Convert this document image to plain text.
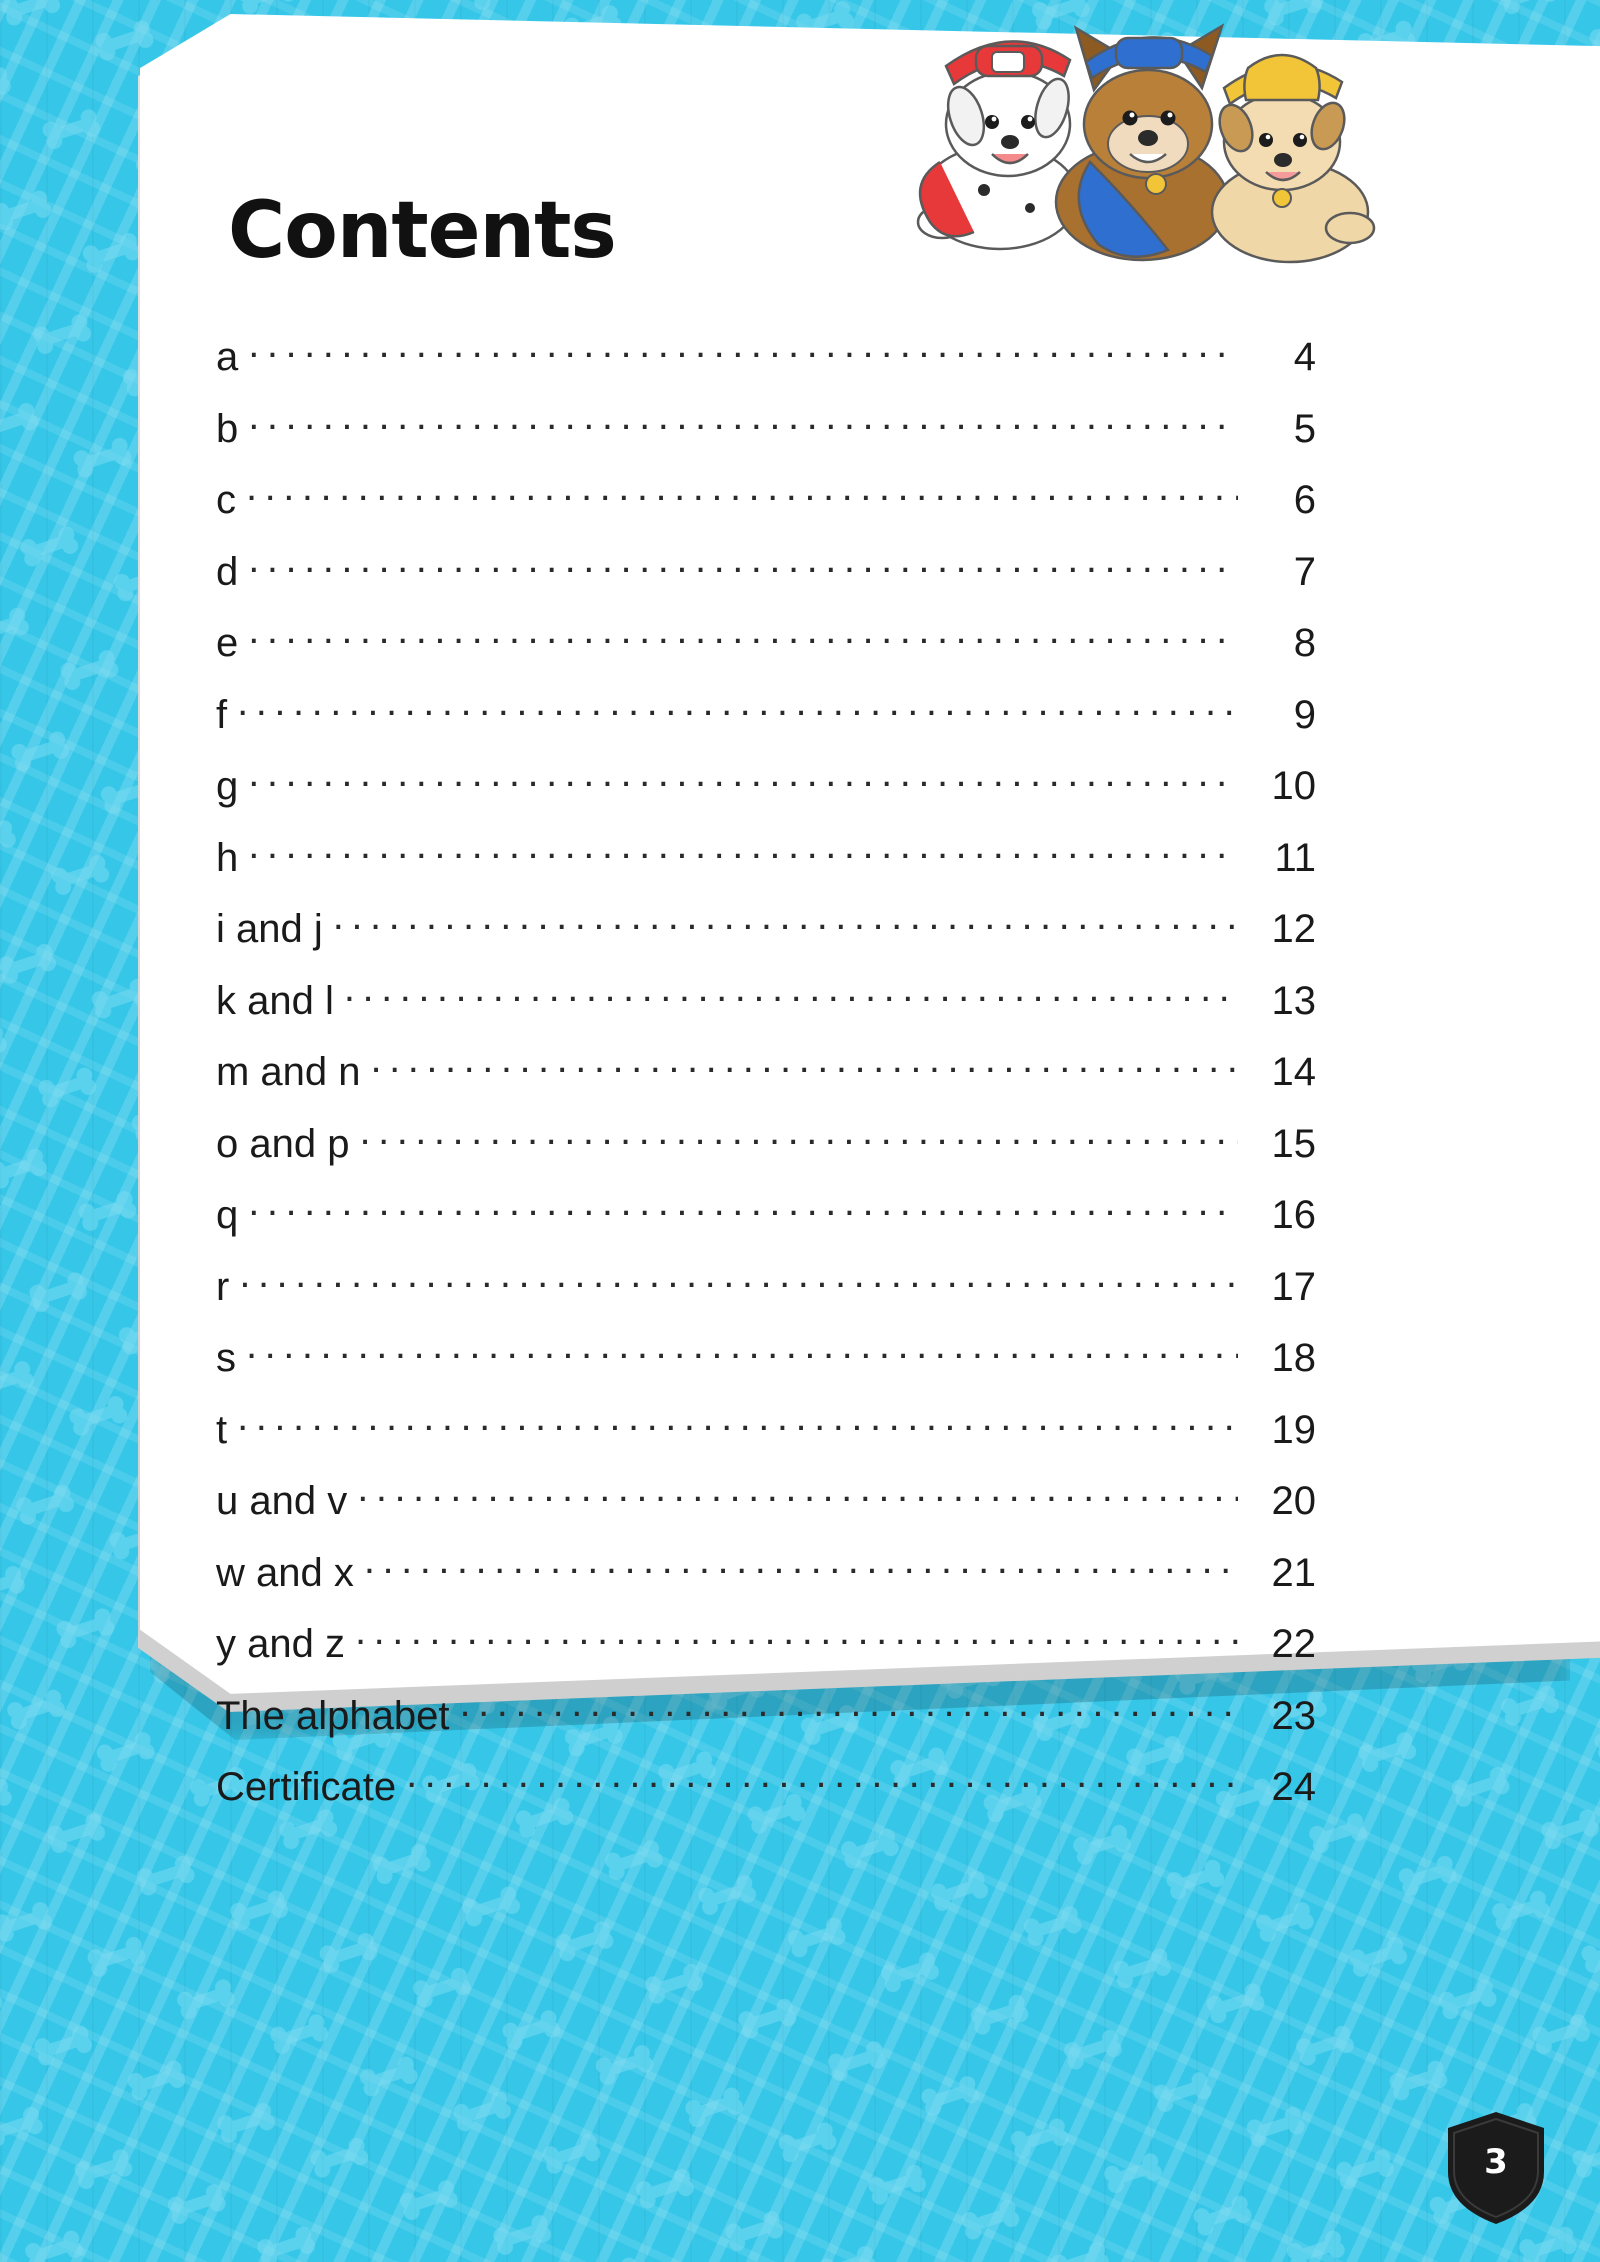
Contents
a .....	4
b .....	5
c .....	6
d .....	7
e .....	8
f .....	9
g .....	10
h .....	11
i and j .....	12
k and l .....	13
m and n .....	14
o and p .....	15
q .....	16
r .....	17
s .....	18
t .....	19
u and v .....	20
w and x .....	21
y and z .....	22
The alphabet .....	23
Certificate .....	24
3
